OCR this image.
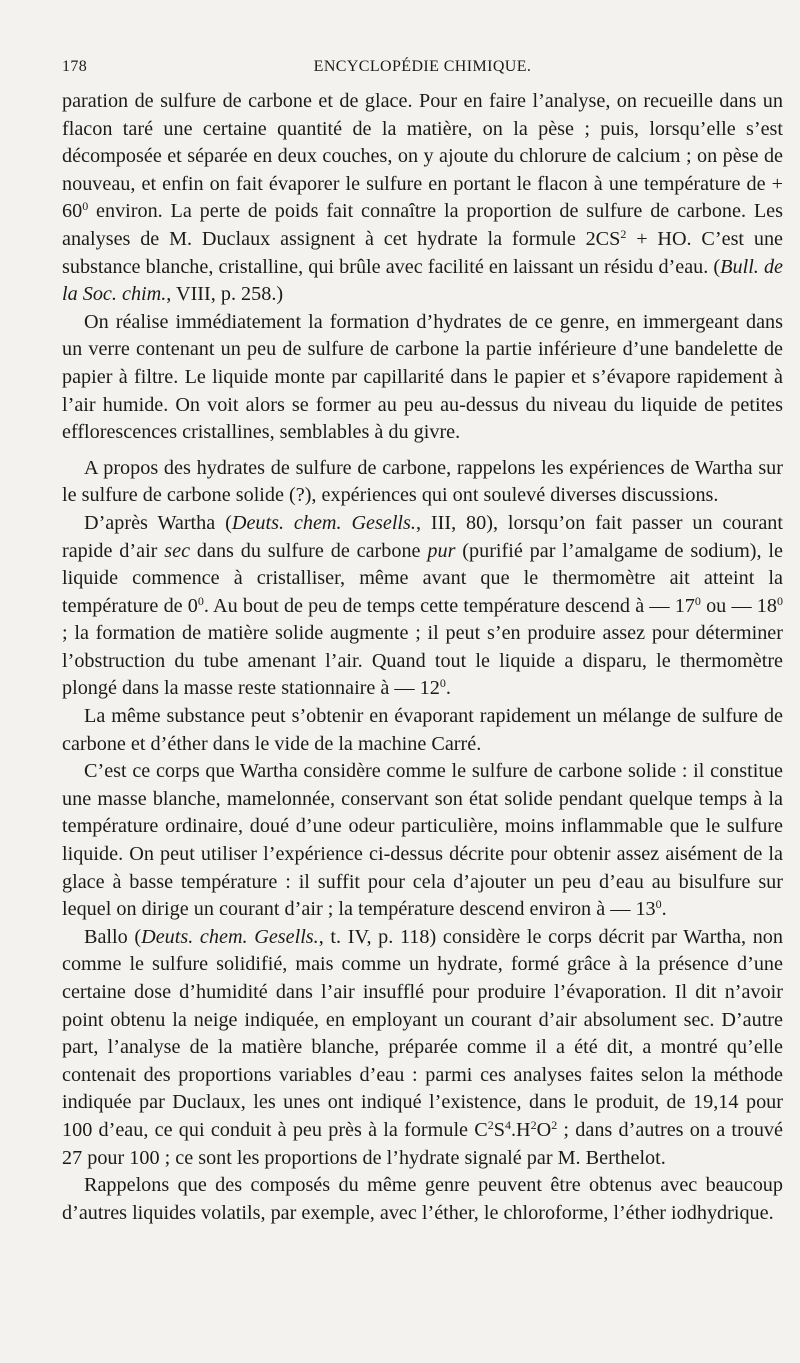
178	ENCYCLOPÉDIE CHIMIQUE.

paration de sulfure de carbone et de glace. Pour en faire l’analyse, on recueille dans un flacon taré une certaine quantité de la matière, on la pèse ; puis, lorsqu’elle s’est décomposée et séparée en deux couches, on y ajoute du chlorure de calcium ; on pèse de nouveau, et enfin on fait évaporer le sulfure en portant le flacon à une température de + $60^0$ environ. La perte de poids fait connaître la proportion de sulfure de carbone. Les analyses de M. Duclaux assignent à cet hydrate la formule $2CS^2$ + HO. C’est une substance blanche, cristalline, qui brûle avec facilité en laissant un résidu d’eau. (Bull. de la Soc. chim., VIII, p. 258.)

On réalise immédiatement la formation d’hydrates de ce genre, en immergeant dans un verre contenant un peu de sulfure de carbone la partie inférieure d’une bandelette de papier à filtre. Le liquide monte par capillarité dans le papier et s’évapore rapidement à l’air humide. On voit alors se former au peu au-dessus du niveau du liquide de petites efflorescences cristallines, semblables à du givre.

A propos des hydrates de sulfure de carbone, rappelons les expériences de Wartha sur le sulfure de carbone solide (?), expériences qui ont soulevé diverses discussions.

D’après Wartha (Deuts. chem. Gesells., III, 80), lorsqu’on fait passer un courant rapide d’air sec dans du sulfure de carbone pur (purifié par l’amalgame de sodium), le liquide commence à cristalliser, même avant que le thermomètre ait atteint la température de $0^0$. Au bout de peu de temps cette température descend à — $17^0$ ou — $18^0$ ; la formation de matière solide augmente ; il peut s’en produire assez pour déterminer l’obstruction du tube amenant l’air. Quand tout le liquide a disparu, le thermomètre plongé dans la masse reste stationnaire à — $12^0$.

La même substance peut s’obtenir en évaporant rapidement un mélange de sulfure de carbone et d’éther dans le vide de la machine Carré.

C’est ce corps que Wartha considère comme le sulfure de carbone solide : il constitue une masse blanche, mamelonnée, conservant son état solide pendant quelque temps à la température ordinaire, doué d’une odeur particulière, moins inflammable que le sulfure liquide. On peut utiliser l’expérience ci-dessus décrite pour obtenir assez aisément de la glace à basse température : il suffit pour cela d’ajouter un peu d’eau au bisulfure sur lequel on dirige un courant d’air ; la température descend environ à — $13^0$.

Ballo (Deuts. chem. Gesells., t. IV, p. 118) considère le corps décrit par Wartha, non comme le sulfure solidifié, mais comme un hydrate, formé grâce à la présence d’une certaine dose d’humidité dans l’air insufflé pour produire l’évaporation. Il dit n’avoir point obtenu la neige indiquée, en employant un courant d’air absolument sec. D’autre part, l’analyse de la matière blanche, préparée comme il a été dit, a montré qu’elle contenait des proportions variables d’eau : parmi ces analyses faites selon la méthode indiquée par Duclaux, les unes ont indiqué l’existence, dans le produit, de 19,14 pour 100 d’eau, ce qui conduit à peu près à la formule $C^2S^4.H^2O^2$ ; dans d’autres on a trouvé 27 pour 100 ; ce sont les proportions de l’hydrate signalé par M. Berthelot.

Rappelons que des composés du même genre peuvent être obtenus avec beaucoup d’autres liquides volatils, par exemple, avec l’éther, le chloroforme, l’éther iodhydrique.
